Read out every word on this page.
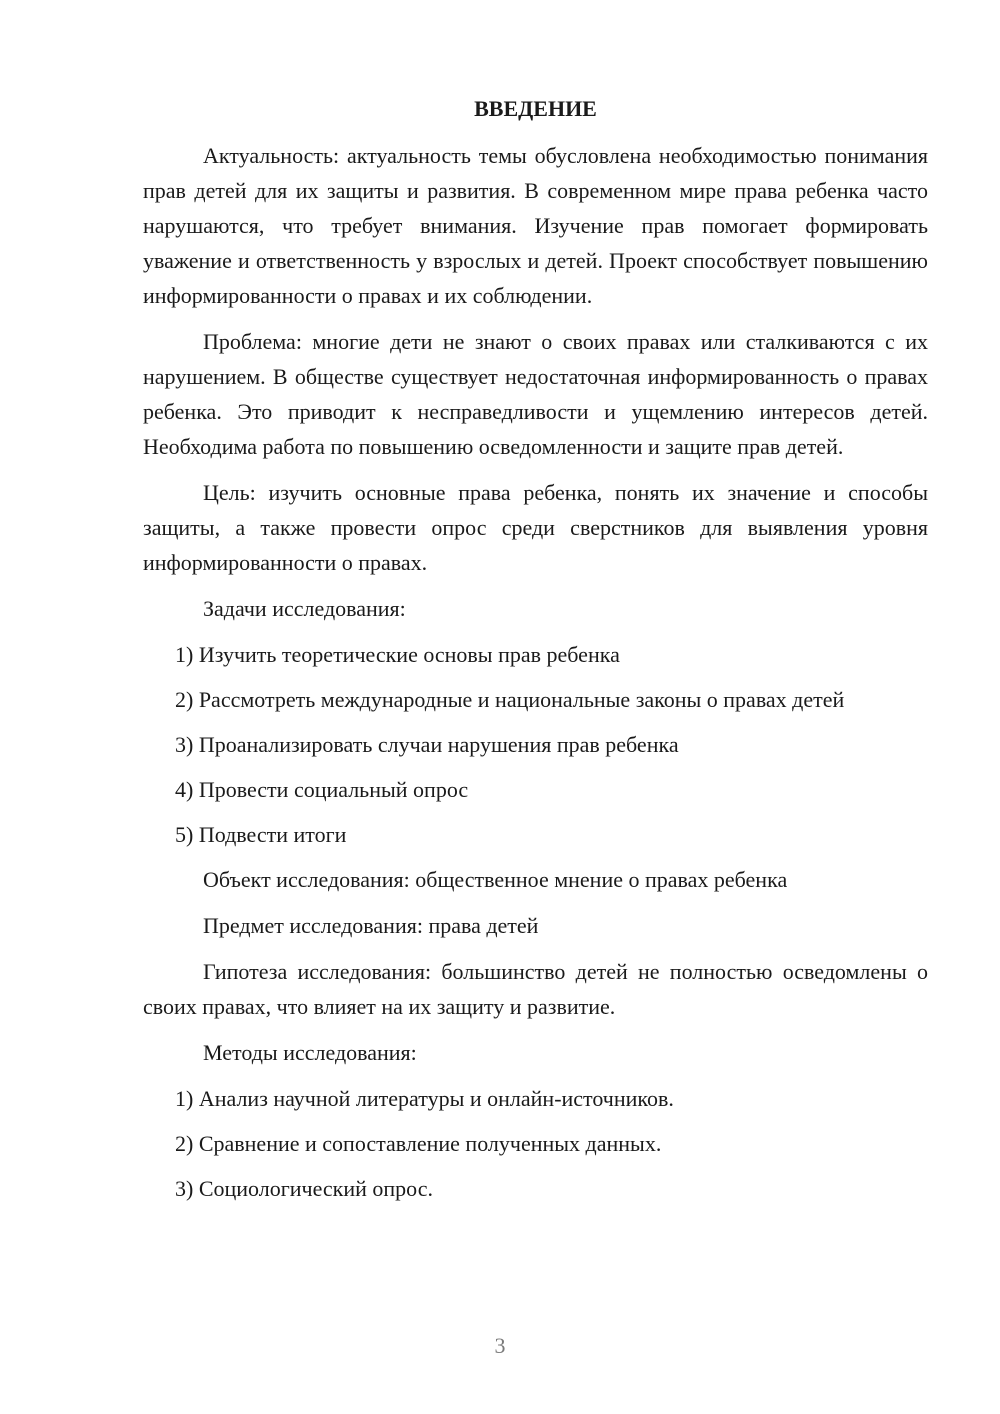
ВВЕДЕНИЕ

Актуальность: актуальность темы обусловлена необходимостью понимания прав детей для их защиты и развития. В современном мире права ребенка часто нарушаются, что требует внимания. Изучение прав помогает формировать уважение и ответственность у взрослых и детей. Проект способствует повышению информированности о правах и их соблюдении.

Проблема: многие дети не знают о своих правах или сталкиваются с их нарушением. В обществе существует недостаточная информированность о правах ребенка. Это приводит к несправедливости и ущемлению интересов детей. Необходима работа по повышению осведомленности и защите прав детей.

Цель: изучить основные права ребенка, понять их значение и способы защиты, а также провести опрос среди сверстников для выявления уровня информированности о правах.

Задачи исследования:

1) Изучить теоретические основы прав ребенка

2) Рассмотреть международные и национальные законы о правах детей

3) Проанализировать случаи нарушения прав ребенка

4) Провести социальный опрос

5) Подвести итоги

Объект исследования: общественное мнение о правах ребенка

Предмет исследования: права детей

Гипотеза исследования: большинство детей не полностью осведомлены о своих правах, что влияет на их защиту и развитие.

Методы исследования:

1) Анализ научной литературы и онлайн-источников.

2) Сравнение и сопоставление полученных данных.

3) Социологический опрос.

3
